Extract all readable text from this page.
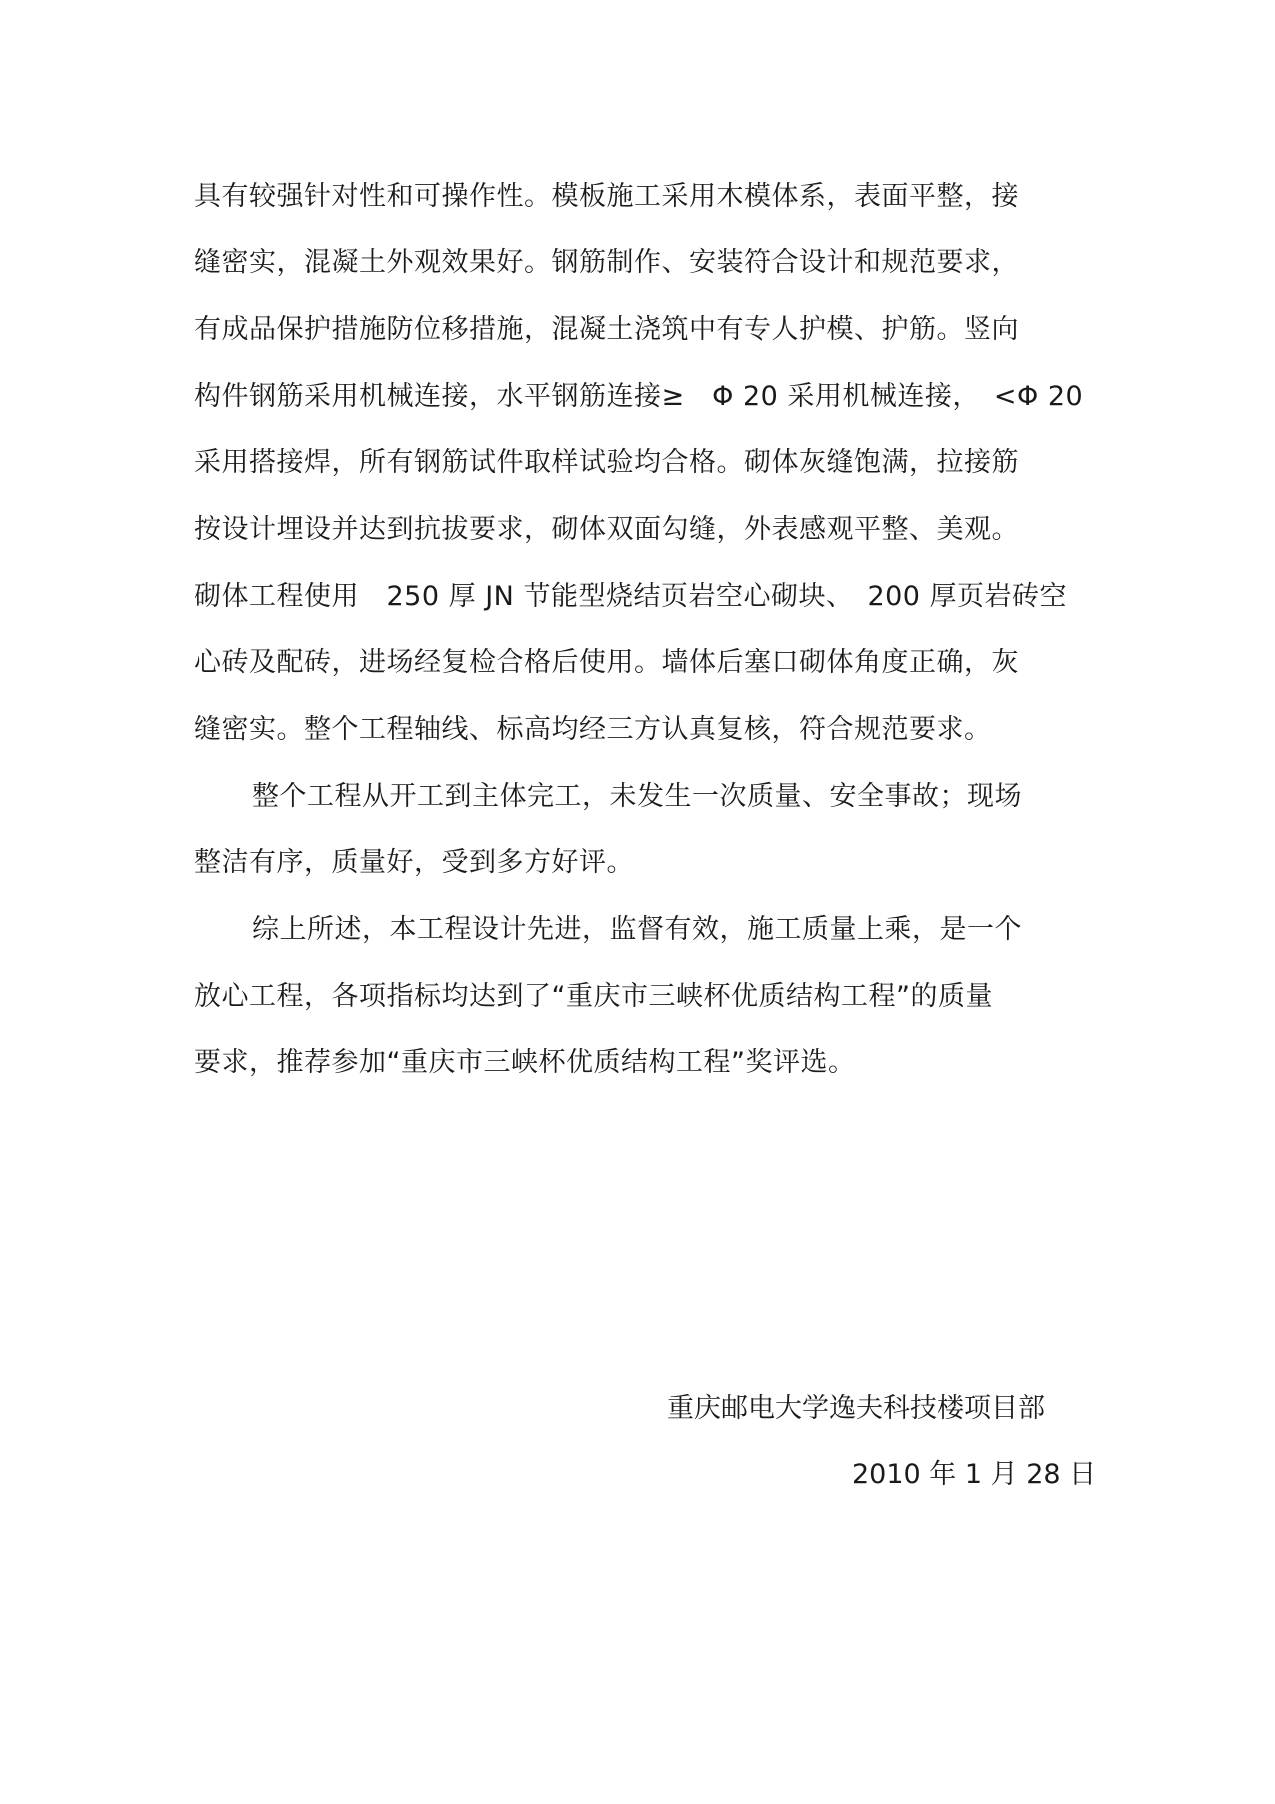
具有较强针对性和可操作性。模板施工采用木模体系，表面平整，接
缝密实，混凝土外观效果好。钢筋制作、安装符合设计和规范要求，
有成品保护措施防位移措施，混凝土浇筑中有专人护模、护筋。竖向
构件钢筋采用机械连接，水平钢筋连接≥　Φ 20 采用机械连接，　<Φ 20
采用搭接焊，所有钢筋试件取样试验均合格。砌体灰缝饱满，拉接筋
按设计埋设并达到抗拔要求，砌体双面勾缝，外表感观平整、美观。
砌体工程使用　250 厚 JN 节能型烧结页岩空心砌块、　200 厚页岩砖空
心砖及配砖，进场经复检合格后使用。墙体后塞口砌体角度正确，灰
缝密实。整个工程轴线、标高均经三方认真复核，符合规范要求。
整个工程从开工到主体完工，未发生一次质量、安全事故；现场
整洁有序，质量好，受到多方好评。
综上所述，本工程设计先进，监督有效，施工质量上乘，是一个
放心工程，各项指标均达到了“重庆市三峡杯优质结构工程”的质量
要求，推荐参加“重庆市三峡杯优质结构工程”奖评选。
重庆邮电大学逸夫科技楼项目部
2010 年 1 月 28 日
